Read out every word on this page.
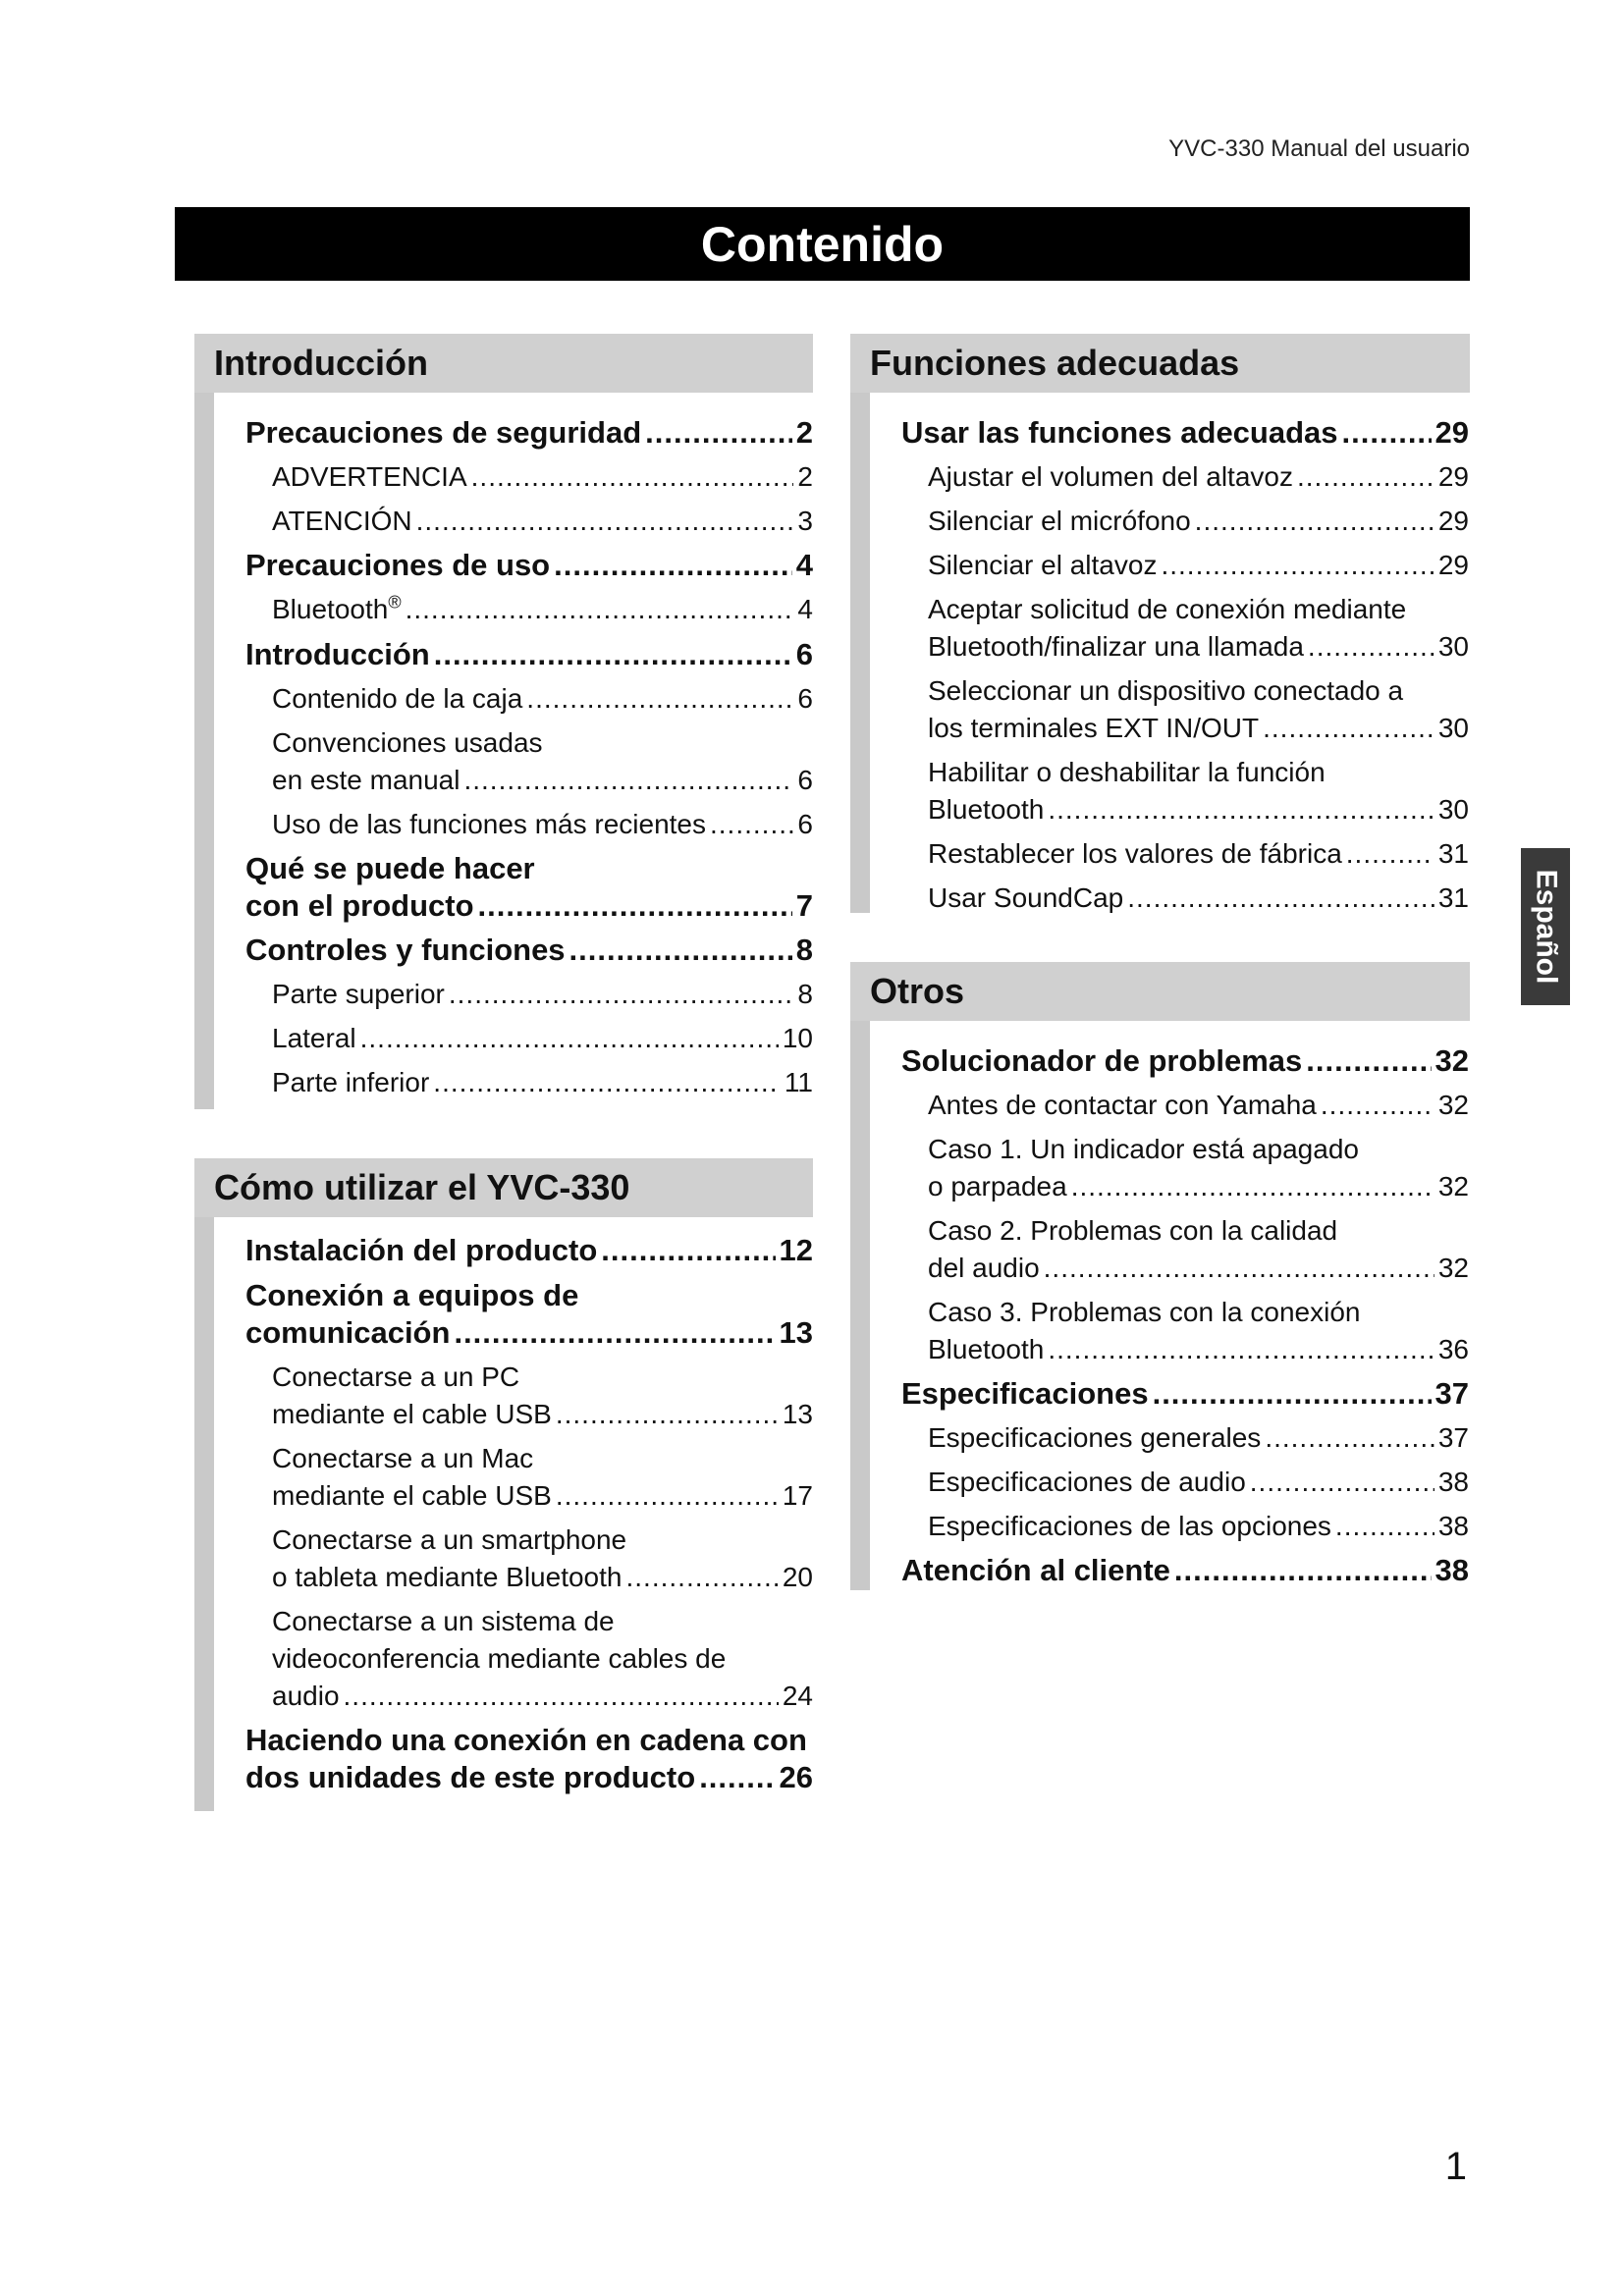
YVC-330 Manual del usuario
Contenido
Introducción
Precauciones de seguridad .....	2
ADVERTENCIA .....	2
ATENCIÓN .....	3
Precauciones de uso .....	4
Bluetooth® .....	4
Introducción .....	6
Contenido de la caja .....	6
Convenciones usadas
en este manual .....	6
Uso de las funciones más recientes .....	6
Qué se puede hacer
con el producto .....	7
Controles y funciones .....	8
Parte superior .....	8
Lateral .....	10
Parte inferior .....	11
Cómo utilizar el YVC-330
Instalación del producto .....	12
Conexión a equipos de
comunicación .....	13
Conectarse a un PC
mediante el cable USB .....	13
Conectarse a un Mac
mediante el cable USB .....	17
Conectarse a un smartphone
o tableta mediante Bluetooth .....	20
Conectarse a un sistema de
videoconferencia mediante cables de
audio .....	24
Haciendo una conexión en cadena con
dos unidades de este producto .....	26
Funciones adecuadas
Usar las funciones adecuadas .....	29
Ajustar el volumen del altavoz .....	29
Silenciar el micrófono .....	29
Silenciar el altavoz .....	29
Aceptar solicitud de conexión mediante
Bluetooth/finalizar una llamada .....	30
Seleccionar un dispositivo conectado a
los terminales EXT IN/OUT .....	30
Habilitar o deshabilitar la función
Bluetooth .....	30
Restablecer los valores de fábrica .....	31
Usar SoundCap .....	31
Otros
Solucionador de problemas .....	32
Antes de contactar con Yamaha .....	32
Caso 1. Un indicador está apagado
o parpadea .....	32
Caso 2. Problemas con la calidad
del audio .....	32
Caso 3. Problemas con la conexión
Bluetooth .....	36
Especificaciones .....	37
Especificaciones generales .....	37
Especificaciones de audio .....	38
Especificaciones de las opciones .....	38
Atención al cliente .....	38
Español
1
